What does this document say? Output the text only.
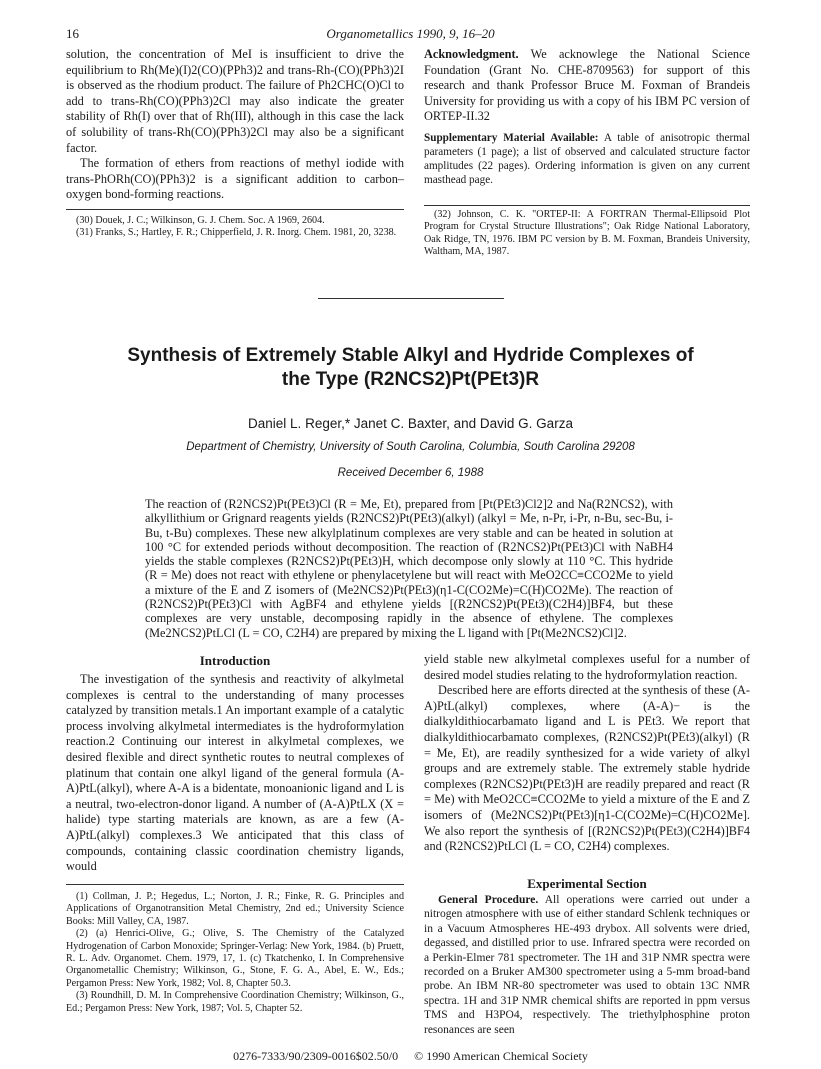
16	Organometallics 1990, 9, 16–20

solution, the concentration of MeI is insufficient to drive the equilibrium to Rh(Me)(I)2(CO)(PPh3)2 and trans-Rh-(CO)(PPh3)2I is observed as the rhodium product. The failure of Ph2CHC(O)Cl to add to trans-Rh(CO)(PPh3)2Cl may also indicate the greater stability of Rh(I) over that of Rh(III), although in this case the lack of solubility of trans-Rh(CO)(PPh3)2Cl may also be a significant factor.

The formation of ethers from reactions of methyl iodide with trans-PhORh(CO)(PPh3)2 is a significant addition to carbon–oxygen bond-forming reactions.

Acknowledgment. We acknowlege the National Science Foundation (Grant No. CHE-8709563) for support of this research and thank Professor Bruce M. Foxman of Brandeis University for providing us with a copy of his IBM PC version of ORTEP-II.32

Supplementary Material Available: A table of anisotropic thermal parameters (1 page); a list of observed and calculated structure factor amplitudes (22 pages). Ordering information is given on any current masthead page.

(30) Douek, J. C.; Wilkinson, G. J. Chem. Soc. A 1969, 2604.

(31) Franks, S.; Hartley, F. R.; Chipperfield, J. R. Inorg. Chem. 1981, 20, 3238.

(32) Johnson, C. K. "ORTEP-II: A FORTRAN Thermal-Ellipsoid Plot Program for Crystal Structure Illustrations"; Oak Ridge National Laboratory, Oak Ridge, TN, 1976. IBM PC version by B. M. Foxman, Brandeis University, Waltham, MA, 1987.

Synthesis of Extremely Stable Alkyl and Hydride Complexes of
the Type (R2NCS2)Pt(PEt3)R
Daniel L. Reger,* Janet C. Baxter, and David G. Garza
Department of Chemistry, University of South Carolina, Columbia, South Carolina 29208
Received December 6, 1988
The reaction of (R2NCS2)Pt(PEt3)Cl (R = Me, Et), prepared from [Pt(PEt3)Cl2]2 and Na(R2NCS2), with alkyllithium or Grignard reagents yields (R2NCS2)Pt(PEt3)(alkyl) (alkyl = Me, n-Pr, i-Pr, n-Bu, sec-Bu, i-Bu, t-Bu) complexes. These new alkylplatinum complexes are very stable and can be heated in solution at 100 °C for extended periods without decomposition. The reaction of (R2NCS2)Pt(PEt3)Cl with NaBH4 yields the stable complexes (R2NCS2)Pt(PEt3)H, which decompose only slowly at 110 °C. This hydride (R = Me) does not react with ethylene or phenylacetylene but will react with MeO2CC≡CCO2Me to yield a mixture of the E and Z isomers of (Me2NCS2)Pt(PEt3)(η1-C(CO2Me)=C(H)CO2Me). The reaction of (R2NCS2)Pt(PEt3)Cl with AgBF4 and ethylene yields [(R2NCS2)Pt(PEt3)(C2H4)]BF4, but these complexes are very unstable, decomposing rapidly in the absence of ethylene. The complexes (Me2NCS2)PtLCl (L = CO, C2H4) are prepared by mixing the L ligand with [Pt(Me2NCS2)Cl]2.
Introduction
The investigation of the synthesis and reactivity of alkylmetal complexes is central to the understanding of many processes catalyzed by transition metals.1 An important example of a catalytic process involving alkylmetal intermediates is the hydroformylation reaction.2 Continuing our interest in alkylmetal complexes, we desired flexible and direct synthetic routes to neutral complexes of platinum that contain one alkyl ligand of the general formula (A-A)PtL(alkyl), where A-A is a bidentate, monoanionic ligand and L is a neutral, two-electron-donor ligand. A number of (A-A)PtLX (X = halide) type starting materials are known, as are a few (A-A)PtL(alkyl) complexes.3 We anticipated that this class of compounds, containing classic coordination chemistry ligands, would

yield stable new alkylmetal complexes useful for a number of desired model studies relating to the hydroformylation reaction.

Described here are efforts directed at the synthesis of these (A-A)PtL(alkyl) complexes, where (A-A)− is the dialkyldithiocarbamato ligand and L is PEt3. We report that dialkyldithiocarbamato complexes, (R2NCS2)Pt(PEt3)(alkyl) (R = Me, Et), are readily synthesized for a wide variety of alkyl groups and are extremely stable. The extremely stable hydride complexes (R2NCS2)Pt(PEt3)H are readily prepared and react (R = Me) with MeO2CC≡CCO2Me to yield a mixture of the E and Z isomers of (Me2NCS2)Pt(PEt3)[η1-C(CO2Me)=C(H)CO2Me]. We also report the synthesis of [(R2NCS2)Pt(PEt3)(C2H4)]BF4 and (R2NCS2)PtLCl (L = CO, C2H4) complexes.

Experimental Section
General Procedure. All operations were carried out under a nitrogen atmosphere with use of either standard Schlenk techniques or in a Vacuum Atmospheres HE-493 drybox. All solvents were dried, degassed, and distilled prior to use. Infrared spectra were recorded on a Perkin-Elmer 781 spectrometer. The 1H and 31P NMR spectra were recorded on a Bruker AM300 spectrometer using a 5-mm broad-band probe. An IBM NR-80 spectrometer was used to obtain 13C NMR spectra. 1H and 31P NMR chemical shifts are reported in ppm versus TMS and H3PO4, respectively. The triethylphosphine proton resonances are seen

(1) Collman, J. P.; Hegedus, L.; Norton, J. R.; Finke, R. G. Principles and Applications of Organotransition Metal Chemistry, 2nd ed.; University Science Books: Mill Valley, CA, 1987.

(2) (a) Henrici-Olive, G.; Olive, S. The Chemistry of the Catalyzed Hydrogenation of Carbon Monoxide; Springer-Verlag: New York, 1984. (b) Pruett, R. L. Adv. Organomet. Chem. 1979, 17, 1. (c) Tkatchenko, I. In Comprehensive Organometallic Chemistry; Wilkinson, G., Stone, F. G. A., Abel, E. W., Eds.; Pergamon Press: New York, 1982; Vol. 8, Chapter 50.3.

(3) Roundhill, D. M. In Comprehensive Coordination Chemistry; Wilkinson, G., Ed.; Pergamon Press: New York, 1987; Vol. 5, Chapter 52.

0276-7333/90/2309-0016$02.50/0 © 1990 American Chemical Society
